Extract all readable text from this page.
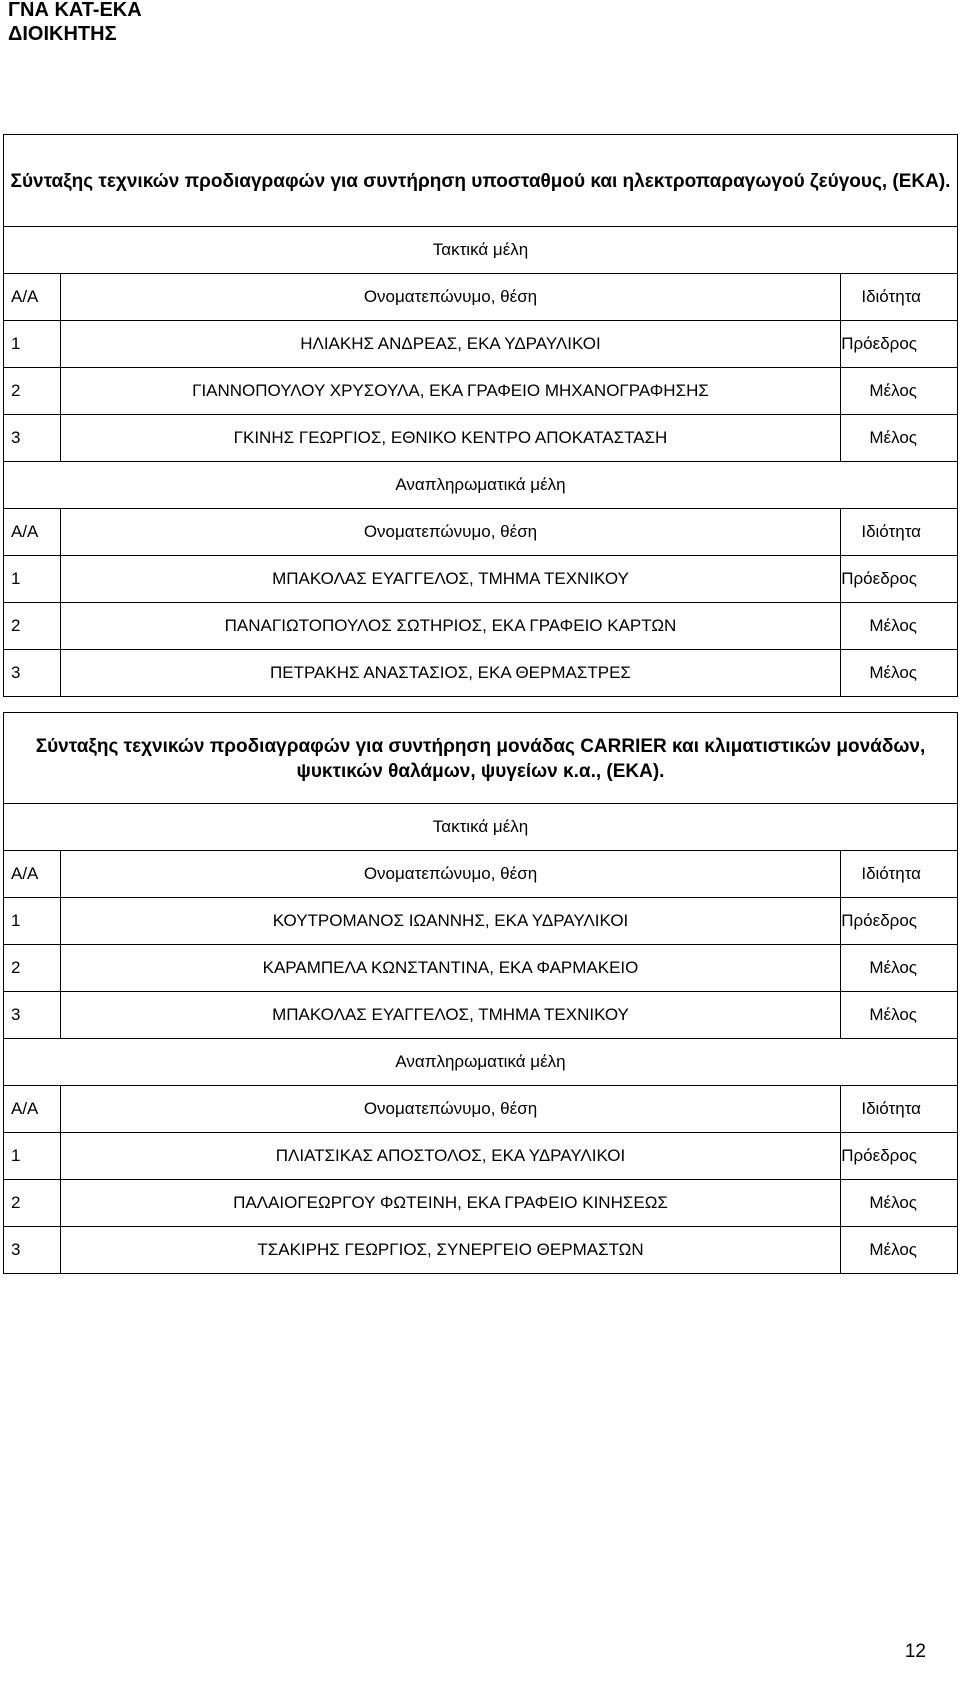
ΓΝΑ ΚΑΤ-ΕΚΑ
ΔΙΟΙΚΗΤΗΣ
Σύνταξης τεχνικών προδιαγραφών για συντήρηση υποσταθμού και ηλεκτροπαραγωγού ζεύγους, (ΕΚΑ).		
Τακτικά μέλη		
Α/Α	Ονοματεπώνυμο, θέση	Ιδιότητα
1	ΗΛΙΑΚΗΣ ΑΝΔΡΕΑΣ, ΕΚΑ ΥΔΡΑΥΛΙΚΟΙ	Πρόεδρος
2	ΓΙΑΝΝΟΠΟΥΛΟΥ ΧΡΥΣΟΥΛΑ, ΕΚΑ ΓΡΑΦΕΙΟ ΜΗΧΑΝΟΓΡΑΦΗΣΗΣ	Μέλος
3	ΓΚΙΝΗΣ ΓΕΩΡΓΙΟΣ, ΕΘΝΙΚΟ ΚΕΝΤΡΟ ΑΠΟΚΑΤΑΣΤΑΣΗ	Μέλος
Αναπληρωματικά μέλη		
Α/Α	Ονοματεπώνυμο, θέση	Ιδιότητα
1	ΜΠΑΚΟΛΑΣ ΕΥΑΓΓΕΛΟΣ, ΤΜΗΜΑ ΤΕΧΝΙΚΟΥ	Πρόεδρος
2	ΠΑΝΑΓΙΩΤΟΠΟΥΛΟΣ ΣΩΤΗΡΙΟΣ, ΕΚΑ ΓΡΑΦΕΙΟ ΚΑΡΤΩΝ	Μέλος
3	ΠΕΤΡΑΚΗΣ ΑΝΑΣΤΑΣΙΟΣ, ΕΚΑ ΘΕΡΜΑΣΤΡΕΣ	Μέλος
Σύνταξης τεχνικών προδιαγραφών για συντήρηση μονάδας CARRIER και κλιματιστικών μονάδων, ψυκτικών θαλάμων, ψυγείων κ.α., (ΕΚΑ).		
Τακτικά μέλη		
Α/Α	Ονοματεπώνυμο, θέση	Ιδιότητα
1	ΚΟΥΤΡΟΜΑΝΟΣ ΙΩΑΝΝΗΣ, ΕΚΑ ΥΔΡΑΥΛΙΚΟΙ	Πρόεδρος
2	ΚΑΡΑΜΠΕΛΑ ΚΩΝΣΤΑΝΤΙΝΑ, ΕΚΑ ΦΑΡΜΑΚΕΙΟ	Μέλος
3	ΜΠΑΚΟΛΑΣ ΕΥΑΓΓΕΛΟΣ, ΤΜΗΜΑ ΤΕΧΝΙΚΟΥ	Μέλος
Αναπληρωματικά μέλη		
Α/Α	Ονοματεπώνυμο, θέση	Ιδιότητα
1	ΠΛΙΑΤΣΙΚΑΣ ΑΠΟΣΤΟΛΟΣ, ΕΚΑ ΥΔΡΑΥΛΙΚΟΙ	Πρόεδρος
2	ΠΑΛΑΙΟΓΕΩΡΓΟΥ ΦΩΤΕΙΝΗ, ΕΚΑ ΓΡΑΦΕΙΟ ΚΙΝΗΣΕΩΣ	Μέλος
3	ΤΣΑΚΙΡΗΣ ΓΕΩΡΓΙΟΣ, ΣΥΝΕΡΓΕΙΟ ΘΕΡΜΑΣΤΩΝ	Μέλος
12
